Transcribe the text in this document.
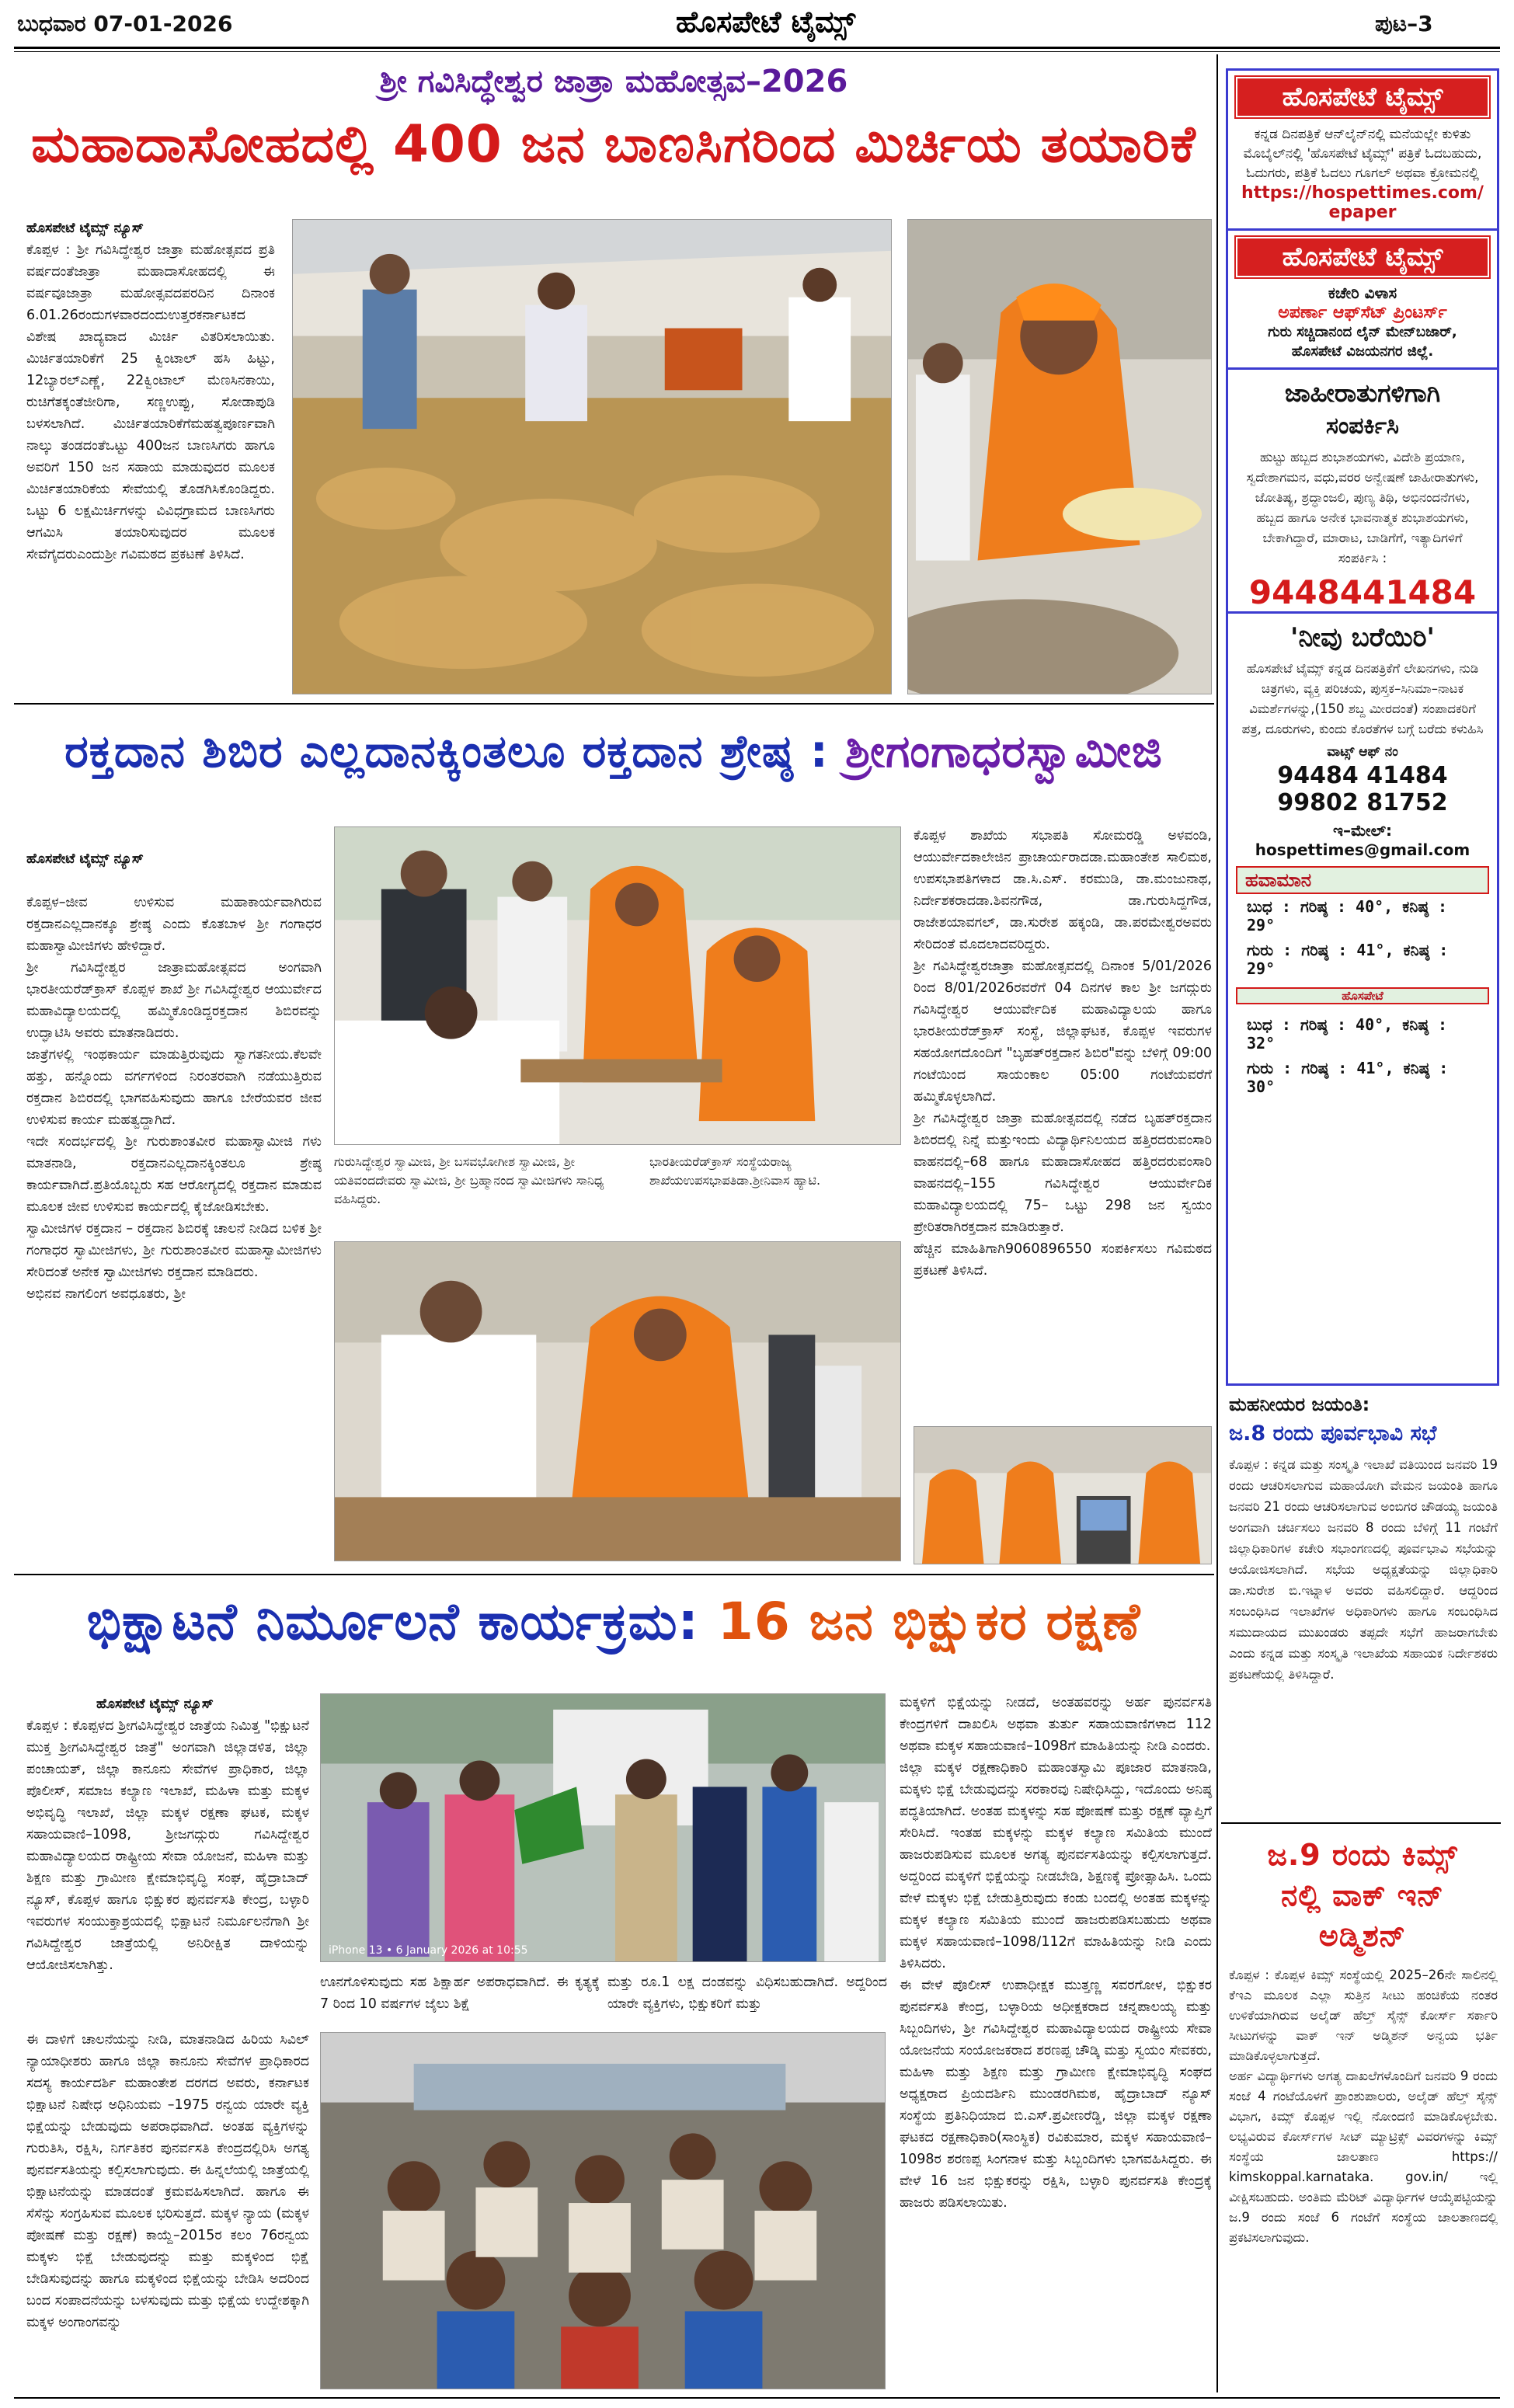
ಬುಧವಾರ 07-01-2026	ಹೊಸಪೇಟೆ ಟೈಮ್ಸ್	ಪುಟ–3
ಶ್ರೀ ಗವಿಸಿದ್ಧೇಶ್ವರ ಜಾತ್ರಾ ಮಹೋತ್ಸವ–2026
ಮಹಾದಾಸೋಹದಲ್ಲಿ 400 ಜನ ಬಾಣಸಿಗರಿಂದ ಮಿರ್ಚಿಯ ತಯಾರಿಕೆ
ಹೊಸಪೇಟೆ ಟೈಮ್ಸ್ ನ್ಯೂಸ್
ಕೊಪ್ಪಳ : ಶ್ರೀ ಗವಿಸಿದ್ಧೇಶ್ವರ ಜಾತ್ರಾ ಮಹೋತ್ಸವದ ಪ್ರತಿ ವರ್ಷದಂತೆಜಾತ್ರಾ ಮಹಾದಾಸೋಹದಲ್ಲಿ ಈ ವರ್ಷವೂಜಾತ್ರಾ ಮಹೋತ್ಸವದಪರದಿನ ದಿನಾಂಕ 6.01.26ರಂದುಗಳವಾರದಂದುಉತ್ತರಕರ್ನಾಟಕದ ವಿಶೇಷ ಖಾದ್ಯವಾದ ಮಿರ್ಚಿ ವಿತರಿಸಲಾಯಿತು. ಮಿರ್ಚಿತಯಾರಿಕೆಗೆ 25 ಕ್ವಿಂಟಾಲ್ ಹಸಿ ಹಿಟ್ಟು, 12ಬ್ಯಾರಲ್ಎಣ್ಣೆ, 22ಕ್ವಿಂಟಾಲ್ ಮೆಣಸಿನಕಾಯಿ, ರುಚಿಗೆತಕ್ಕಂತೆಜೀರಿಗಾ, ಸಣ್ಣಉಪ್ಪು, ಸೋಡಾಪುಡಿ ಬಳಸಲಾಗಿದೆ. ಮಿರ್ಚಿತಯಾರಿಕೆಗೆಮಹತ್ವಪೂರ್ಣವಾಗಿ ನಾಲ್ಕು ತಂಡದಂತೆಒಟ್ಟು 400ಜನ ಬಾಣಸಿಗರು ಹಾಗೂ ಅವರಿಗೆ 150 ಜನ ಸಹಾಯ ಮಾಡುವುದರ ಮೂಲಕ ಮಿರ್ಚಿತಯಾರಿಕೆಯ ಸೇವೆಯಲ್ಲಿ ತೊಡಗಿಸಿಕೊಂಡಿದ್ದರು. ಒಟ್ಟು 6 ಲಕ್ಷಮಿರ್ಚಿಗಳನ್ನು ವಿವಿಧಗ್ರಾಮದ ಬಾಣಸಿಗರು ಆಗಮಿಸಿ ತಯಾರಿಸುವುದರ ಮೂಲಕ ಸೇವೆಗೈದರುಎಂದುಶ್ರೀ ಗವಿಮಠದ ಪ್ರಕಟಣೆ ತಿಳಿಸಿದೆ.
ರಕ್ತದಾನ ಶಿಬಿರ ಎಲ್ಲದಾನಕ್ಕಿಂತಲೂ ರಕ್ತದಾನ ಶ್ರೇಷ್ಠ : ಶ್ರೀಗಂಗಾಧರಸ್ವಾಮೀಜಿ

ಹೊಸಪೇಟೆ ಟೈಮ್ಸ್ ನ್ಯೂಸ್

ಕೊಪ್ಪಳ–ಜೀವ ಉಳಿಸುವ ಮಹಾಕಾರ್ಯವಾಗಿರುವ ರಕ್ತದಾನಎಲ್ಲದಾನಕ್ಕೂ ಶ್ರೇಷ್ಠ ಎಂದು ಕೊತಬಾಳ ಶ್ರೀ ಗಂಗಾಧರ ಮಹಾಸ್ವಾಮೀಜಿಗಳು ಹೇಳಿದ್ದಾರೆ.
ಶ್ರೀ ಗವಿಸಿದ್ಧೇಶ್ವರ ಜಾತ್ರಾಮಹೋತ್ಸವದ ಅಂಗವಾಗಿ ಭಾರತೀಯರೆಡ್‌ಕ್ರಾಸ್ ಕೊಪ್ಪಳ ಶಾಖೆ ಶ್ರೀ ಗವಿಸಿದ್ಧೇಶ್ವರ ಆಯುರ್ವೇದ ಮಹಾವಿದ್ಯಾಲಯದಲ್ಲಿ ಹಮ್ಮಿಕೊಂಡಿದ್ದರಕ್ತದಾನ ಶಿಬಿರವನ್ನು ಉದ್ಘಾಟಿಸಿ ಅವರು ಮಾತನಾಡಿದರು.
ಜಾತ್ರೆಗಳಲ್ಲಿ ಇಂಥಕಾರ್ಯ ಮಾಡುತ್ತಿರುವುದು ಸ್ವಾಗತನೀಯ.ಕೆಲವೇ ಹತ್ತು, ಹನ್ನೊಂದು ವರ್ಗಗಳಿಂದ ನಿರಂತರವಾಗಿ ನಡೆಯುತ್ತಿರುವ ರಕ್ತದಾನ ಶಿಬಿರದಲ್ಲಿ ಭಾಗವಹಿಸುವುದು ಹಾಗೂ ಬೇರೆಯವರ ಜೀವ ಉಳಿಸುವ ಕಾರ್ಯ ಮಹತ್ವದ್ದಾಗಿದೆ.
ಇದೇ ಸಂದರ್ಭದಲ್ಲಿ ಶ್ರೀ ಗುರುಶಾಂತವೀರ ಮಹಾಸ್ವಾಮೀಜಿ ಗಳು ಮಾತನಾಡಿ, ರಕ್ತದಾನಎಲ್ಲದಾನಕ್ಕಿಂತಲೂ ಶ್ರೇಷ್ಠ ಕಾರ್ಯವಾಗಿದೆ.ಪ್ರತಿಯೊಬ್ಬರು ಸಹ ಆರೋಗ್ಯದಲ್ಲಿ ರಕ್ತದಾನ ಮಾಡುವ ಮೂಲಕ ಜೀವ ಉಳಿಸುವ ಕಾರ್ಯದಲ್ಲಿ ಕೈಜೋಡಿಸಬೇಕು.
ಸ್ವಾಮೀಜಿಗಳ ರಕ್ತದಾನ – ರಕ್ತದಾನ ಶಿಬಿರಕ್ಕೆ ಚಾಲನೆ ನೀಡಿದ ಬಳಿಕ ಶ್ರೀ ಗಂಗಾಧರ ಸ್ವಾಮೀಜಿಗಳು, ಶ್ರೀ ಗುರುಶಾಂತವೀರ ಮಹಾಸ್ವಾಮೀಜಿಗಳು ಸೇರಿದಂತೆ ಅನೇಕ ಸ್ವಾಮೀಜಿಗಳು ರಕ್ತದಾನ ಮಾಡಿದರು.
ಅಭಿನವ ನಾಗಲಿಂಗ ಅವಧೂತರು, ಶ್ರೀ

ಗುರುಸಿದ್ಧೇಶ್ವರ ಸ್ವಾಮೀಜಿ, ಶ್ರೀ ಬಸವಭೋಗೀಶ ಸ್ವಾಮೀಜಿ, ಶ್ರೀ ಯತಿವಂದದೇವರು ಸ್ವಾಮೀಜಿ, ಶ್ರೀ ಬ್ರಹ್ಮಾನಂದ ಸ್ವಾಮೀಜಿಗಳು ಸಾನಿಧ್ಯ ವಹಿಸಿದ್ದರು.
ಭಾರತೀಯರೆಡ್‌ಕ್ರಾಸ್ ಸಂಸ್ಥೆಯರಾಜ್ಯ ಶಾಖೆಯಉಪಸಭಾಪತಿಡಾ.ಶ್ರೀನಿವಾಸ ಹ್ಯಾಟಿ.
ಕೊಪ್ಪಳ ಶಾಖೆಯ ಸಭಾಪತಿ ಸೋಮರಡ್ಡಿ ಅಳವಂಡಿ, ಆಯುರ್ವೇದಕಾಲೇಜಿನ ಪ್ರಾಚಾರ್ಯರಾದಡಾ.ಮಹಾಂತೇಶ ಸಾಲಿಮಠ, ಉಪಸಭಾಪತಿಗಳಾದ ಡಾ.ಸಿ.ಎಸ್. ಕರಮುಡಿ, ಡಾ.ಮಂಜುನಾಥ, ನಿರ್ದೇಶಕರಾದಡಾ.ಶಿವನಗೌಡ, ಡಾ.ಗುರುಸಿದ್ದಗೌಡ, ರಾಜೇಶಯಾವಗಲ್, ಡಾ.ಸುರೇಶ ಹಕ್ಕಂಡಿ, ಡಾ.ಪರಮೇಶ್ವರಅವರು ಸೇರಿದಂತೆ ಮೊದಲಾದವರಿದ್ದರು.
ಶ್ರೀ ಗವಿಸಿದ್ಧೇಶ್ವರಜಾತ್ರಾ ಮಹೋತ್ಸವದಲ್ಲಿ ದಿನಾಂಕ 5/01/2026 ರಿಂದ 8/01/2026ರವರೆಗೆ 04 ದಿನಗಳ ಕಾಲ ಶ್ರೀ ಜಗದ್ಗುರು ಗವಿಸಿದ್ಧೇಶ್ವರ ಆಯುರ್ವೇದಿಕ ಮಹಾವಿದ್ಯಾಲಯ ಹಾಗೂ ಭಾರತೀಯರೆಡ್‌ಕ್ರಾಸ್ ಸಂಸ್ಥೆ, ಜಿಲ್ಲಾಘಟಕ, ಕೊಪ್ಪಳ ಇವರುಗಳ ಸಹಯೋಗದೊಂದಿಗೆ "ಬೃಹತ್‌ರಕ್ತದಾನ ಶಿಬಿರ"ವನ್ನು ಬೆಳಿಗ್ಗೆ 09:00 ಗಂಟೆಯಿಂದ ಸಾಯಂಕಾಲ 05:00 ಗಂಟೆಯವರೆಗೆ ಹಮ್ಮಿಕೊಳ್ಳಲಾಗಿದೆ.
ಶ್ರೀ ಗವಿಸಿದ್ಧೇಶ್ವರ ಜಾತ್ರಾ ಮಹೋತ್ಸವದಲ್ಲಿ ನಡೆದ ಬೃಹತ್‌ರಕ್ತದಾನ ಶಿಬಿರದಲ್ಲಿ ನಿನ್ನೆ ಮತ್ತುಇಂದು ವಿದ್ಯಾರ್ಥಿನಿಲಯದ ಹತ್ತಿರದರುವಂಸಾರಿ ವಾಹನದಲ್ಲಿ–68 ಹಾಗೂ ಮಹಾದಾಸೋಹದ ಹತ್ತಿರದರುವಂಸಾರಿ ವಾಹನದಲ್ಲಿ–155 ಗವಿಸಿದ್ಧೇಶ್ವರ ಆಯುರ್ವೇದಿಕ ಮಹಾವಿದ್ಯಾಲಯದಲ್ಲಿ 75– ಒಟ್ಟು 298 ಜನ ಸ್ವಯಂ ಪ್ರೇರಿತರಾಗಿರಕ್ತದಾನ ಮಾಡಿರುತ್ತಾರೆ.
ಹೆಚ್ಚಿನ ಮಾಹಿತಿಗಾಗಿ9060896550 ಸಂಪರ್ಕಿಸಲು ಗವಿಮಠದ ಪ್ರಕಟಣೆ ತಿಳಿಸಿದೆ.
ಭಿಕ್ಷಾಟನೆ ನಿರ್ಮೂಲನೆ ಕಾರ್ಯಕ್ರಮ: 16 ಜನ ಭಿಕ್ಷುಕರ ರಕ್ಷಣೆ
ಹೊಸಪೇಟೆ ಟೈಮ್ಸ್ ನ್ಯೂಸ್
ಕೊಪ್ಪಳ : ಕೊಪ್ಪಳದ ಶ್ರೀಗವಿಸಿದ್ಧೇಶ್ವರ ಜಾತ್ರೆಯ ನಿಮಿತ್ತ "ಭಿಕ್ಷುಟನೆ ಮುಕ್ತ ಶ್ರೀಗವಿಸಿದ್ಧೇಶ್ವರ ಜಾತ್ರೆ" ಅಂಗವಾಗಿ ಜಿಲ್ಲಾಡಳಿತ, ಜಿಲ್ಲಾ ಪಂಚಾಯತ್, ಜಿಲ್ಲಾ ಕಾನೂನು ಸೇವೆಗಳ ಪ್ರಾಧಿಕಾರ, ಜಿಲ್ಲಾ ಪೊಲೀಸ್, ಸಮಾಜ ಕಲ್ಯಾಣ ಇಲಾಖೆ, ಮಹಿಳಾ ಮತ್ತು ಮಕ್ಕಳ ಅಭಿವೃದ್ಧಿ ಇಲಾಖೆ, ಜಿಲ್ಲಾ ಮಕ್ಕಳ ರಕ್ಷಣಾ ಘಟಕ, ಮಕ್ಕಳ ಸಹಾಯವಾಣಿ–1098, ಶ್ರೀಜಗದ್ಗುರು ಗವಿಸಿದ್ದೇಶ್ವರ ಮಹಾವಿದ್ಯಾಲಯದ ರಾಷ್ಟ್ರೀಯ ಸೇವಾ ಯೋಜನೆ, ಮಹಿಳಾ ಮತ್ತು ಶಿಕ್ಷಣ ಮತ್ತು ಗ್ರಾಮೀಣ ಕ್ಷೇಮಾಭಿವೃದ್ಧಿ ಸಂಘ, ಹೈದ್ರಾಬಾದ್ ನ್ಯೂಸ್, ಕೊಪ್ಪಳ ಹಾಗೂ ಭಿಕ್ಷುಕರ ಪುನರ್ವಸತಿ ಕೇಂದ್ರ, ಬಳ್ಳಾರಿ ಇವರುಗಳ ಸಂಯುಕ್ತಾಶ್ರಯದಲ್ಲಿ ಭಿಕ್ಷಾಟನೆ ನಿರ್ಮೂಲನೆಗಾಗಿ ಶ್ರೀ ಗವಿಸಿದ್ದೇಶ್ವರ ಜಾತ್ರೆಯಲ್ಲಿ ಅನಿರೀಕ್ಷಿತ ದಾಳಿಯನ್ನು ಆಯೋಜಿಸಲಾಗಿತ್ತು.
iPhone 13 • 6 January 2026 at 10:55
ಊನಗೊಳಿಸುವುದು ಸಹ ಶಿಕ್ಷಾರ್ಹ ಅಪರಾಧವಾಗಿದೆ. ಈ ಕೃತ್ಯಕ್ಕೆ 7 ರಿಂದ 10 ವರ್ಷಗಳ ಜೈಲು ಶಿಕ್ಷೆ
ಮತ್ತು ರೂ.1 ಲಕ್ಷ ದಂಡವನ್ನು ವಿಧಿಸಬಹುದಾಗಿದೆ. ಅದ್ದರಿಂದ ಯಾರೇ ವ್ಯಕ್ತಿಗಳು, ಭಿಕ್ಷುಕರಿಗೆ ಮತ್ತು
ಈ ದಾಳಿಗೆ ಚಾಲನೆಯನ್ನು ನೀಡಿ, ಮಾತನಾಡಿದ ಹಿರಿಯ ಸಿವಿಲ್ ನ್ಯಾಯಾಧೀಶರು ಹಾಗೂ ಜಿಲ್ಲಾ ಕಾನೂನು ಸೇವೆಗಳ ಪ್ರಾಧಿಕಾರದ ಸದಸ್ಯ ಕಾರ್ಯದರ್ಶಿ ಮಹಾಂತೇಶ ದರಗದ ಅವರು, ಕರ್ನಾಟಕ ಭಿಕ್ಷಾಟನೆ ನಿಷೇಧ ಅಧಿನಿಯಮ –1975 ರನ್ವಯ ಯಾರೇ ವ್ಯಕ್ತಿ ಭಿಕ್ಷೆಯನ್ನು ಬೇಡುವುದು ಅಪರಾಧವಾಗಿದೆ. ಅಂತಹ ವ್ಯಕ್ತಿಗಳನ್ನು ಗುರುತಿಸಿ, ರಕ್ಷಿಸಿ, ನಿರ್ಗತಿಕರ ಪುನರ್ವಸತಿ ಕೇಂದ್ರದಲ್ಲಿರಿಸಿ ಅಗತ್ಯ ಪುನರ್ವಸತಿಯನ್ನು ಕಲ್ಪಿಸಲಾಗುವುದು. ಈ ಹಿನ್ನಲೆಯಲ್ಲಿ ಜಾತ್ರೆಯಲ್ಲಿ ಭಿಕ್ಷಾಟನೆಯನ್ನು ಮಾಡದಂತೆ ಕ್ರಮವಹಿಸಲಾಗಿದೆ. ಹಾಗೂ ಈ ಸೆಸೆನ್ನು ಸಂಗ್ರಹಿಸುವ ಮೂಲಕ ಭರಿಸುತ್ತದೆ. ಮಕ್ಕಳ ನ್ಯಾಯ (ಮಕ್ಕಳ ಪೋಷಣೆ ಮತ್ತು ರಕ್ಷಣೆ) ಕಾಯ್ದೆ–2015ರ ಕಲಂ 76ರನ್ವಯ ಮಕ್ಕಳು ಭಿಕ್ಷೆ ಬೇಡುವುದನ್ನು ಮತ್ತು ಮಕ್ಕಳಿಂದ ಭಿಕ್ಷೆ ಬೇಡಿಸುವುದನ್ನು ಹಾಗೂ ಮಕ್ಕಳಿಂದ ಭಿಕ್ಷೆಯನ್ನು ಬೇಡಿಸಿ ಅದರಿಂದ ಬಂದ ಸಂಪಾದನೆಯನ್ನು ಬಳಸುವುದು ಮತ್ತು ಭಿಕ್ಷೆಯ ಉದ್ದೇಶಕ್ಕಾಗಿ ಮಕ್ಕಳ ಅಂಗಾಂಗವನ್ನು
ಮಕ್ಕಳಿಗೆ ಭಿಕ್ಷೆಯನ್ನು ನೀಡದೆ, ಅಂತಹವರನ್ನು ಅರ್ಹ ಪುನರ್ವಸತಿ ಕೇಂದ್ರಗಳಿಗೆ ದಾಖಲಿಸಿ ಅಥವಾ ತುರ್ತು ಸಹಾಯವಾಣಿಗಳಾದ 112 ಅಥವಾ ಮಕ್ಕಳ ಸಹಾಯವಾಣಿ–1098ಗೆ ಮಾಹಿತಿಯನ್ನು ನೀಡಿ ಎಂದರು.
ಜಿಲ್ಲಾ ಮಕ್ಕಳ ರಕ್ಷಣಾಧಿಕಾರಿ ಮಹಾಂತಸ್ವಾಮಿ ಪೂಜಾರ ಮಾತನಾಡಿ, ಮಕ್ಕಳು ಭಿಕ್ಷೆ ಬೇಡುವುದನ್ನು ಸರಕಾರವು ನಿಷೇಧಿಸಿದ್ದು, ಇದೊಂದು ಅನಿಷ್ಠ ಪದ್ಧತಿಯಾಗಿದೆ. ಅಂತಹ ಮಕ್ಕಳನ್ನು ಸಹ ಪೋಷಣೆ ಮತ್ತು ರಕ್ಷಣೆ ವ್ಯಾಪ್ತಿಗೆ ಸೇರಿಸಿದೆ. ಇಂತಹ ಮಕ್ಕಳನ್ನು ಮಕ್ಕಳ ಕಲ್ಯಾಣ ಸಮಿತಿಯ ಮುಂದೆ ಹಾಜರುಪಡಿಸುವ ಮೂಲಕ ಅಗತ್ಯ ಪುನರ್ವಸತಿಯನ್ನು ಕಲ್ಪಿಸಲಾಗುತ್ತದೆ. ಅದ್ದರಿಂದ ಮಕ್ಕಳಿಗೆ ಭಿಕ್ಷೆಯನ್ನು ನೀಡಬೇಡಿ, ಶಿಕ್ಷಣಕ್ಕೆ ಪ್ರೋತ್ಸಾಹಿಸಿ. ಒಂದು ವೇಳೆ ಮಕ್ಕಳು ಭಿಕ್ಷೆ ಬೇಡುತ್ತಿರುವುದು ಕಂಡು ಬಂದಲ್ಲಿ ಅಂತಹ ಮಕ್ಕಳನ್ನು ಮಕ್ಕಳ ಕಲ್ಯಾಣ ಸಮಿತಿಯ ಮುಂದೆ ಹಾಜರುಪಡಿಸಬಹುದು ಅಥವಾ ಮಕ್ಕಳ ಸಹಾಯವಾಣಿ–1098/112ಗೆ ಮಾಹಿತಿಯನ್ನು ನೀಡಿ ಎಂದು ತಿಳಿಸಿದರು.
ಈ ವೇಳೆ ಪೊಲೀಸ್ ಉಪಾಧೀಕ್ಷಕ ಮುತ್ತಣ್ಣ ಸವರಗೋಳ, ಭಿಕ್ಷುಕರ ಪುನರ್ವಸತಿ ಕೇಂದ್ರ, ಬಳ್ಳಾರಿಯ ಅಧೀಕ್ಷಕರಾದ ಚನ್ನಪಾಲಯ್ಯ ಮತ್ತು ಸಿಬ್ಬಂದಿಗಳು, ಶ್ರೀ ಗವಿಸಿದ್ದೇಶ್ವರ ಮಹಾವಿದ್ಯಾಲಯದ ರಾಷ್ಟ್ರೀಯ ಸೇವಾ ಯೋಜನೆಯ ಸಂಯೋಜಕರಾದ ಶರಣಪ್ಪ ಚೌಡ್ಕಿ ಮತ್ತು ಸ್ವಯಂ ಸೇವಕರು, ಮಹಿಳಾ ಮತ್ತು ಶಿಕ್ಷಣ ಮತ್ತು ಗ್ರಾಮೀಣ ಕ್ಷೇಮಾಭಿವೃದ್ಧಿ ಸಂಘದ ಅಧ್ಯಕ್ಷರಾದ ಪ್ರಿಯದರ್ಶಿನಿ ಮುಂಡರಗಿಮಠ, ಹೈದ್ರಾಬಾದ್ ನ್ಯೂಸ್ ಸಂಸ್ಥೆಯ ಪ್ರತಿನಿಧಿಯಾದ ಬಿ.ಎಸ್.ಪ್ರವೀಣರೆಡ್ಡಿ, ಜಿಲ್ಲಾ ಮಕ್ಕಳ ರಕ್ಷಣಾ ಘಟಕದ ರಕ್ಷಣಾಧಿಕಾರಿ(ಸಾಂಸ್ಥಿಕ) ರವಿಕುಮಾರ, ಮಕ್ಕಳ ಸಹಾಯವಾಣಿ–1098ರ ಶರಣಪ್ಪ ಸಿಂಗನಾಳ ಮತ್ತು ಸಿಬ್ಬಂದಿಗಳು ಭಾಗವಹಿಸಿದ್ದರು. ಈ ವೇಳೆ 16 ಜನ ಭಿಕ್ಷುಕರನ್ನು ರಕ್ಷಿಸಿ, ಬಳ್ಳಾರಿ ಪುನರ್ವಸತಿ ಕೇಂದ್ರಕ್ಕೆ ಹಾಜರು ಪಡಿಸಲಾಯಿತು.
ಹೊಸಪೇಟೆ ಟೈಮ್ಸ್
ಕನ್ನಡ ದಿನಪತ್ರಿಕೆ ಆನ್‌ಲೈನ್‌ನಲ್ಲಿ ಮನೆಯಲ್ಲೇ ಕುಳಿತು ಮೊಬೈಲ್‌ನಲ್ಲಿ 'ಹೊಸಪೇಟೆ ಟೈಮ್ಸ್' ಪತ್ರಿಕೆ ಓದಬಹುದು, ಓದುಗರು, ಪತ್ರಿಕೆ ಓದಲು ಗೂಗಲ್ ಅಥವಾ ಕ್ರೋಮನಲ್ಲಿ
https://hospettimes.com/
epaper
ಹೊಸಪೇಟೆ ಟೈಮ್ಸ್
ಕಚೇರಿ ವಿಳಾಸ
ಅಪರ್ಣಾ ಆಫ್‌ಸೆಟ್ ಪ್ರಿಂಟರ್ಸ್
ಗುರು ಸಚ್ಚಿದಾನಂದ ಲೈನ್ ಮೇನ್‌ಬಜಾರ್, ಹೊಸಪೇಟೆ ವಿಜಯನಗರ ಜಿಲ್ಲೆ.
ಜಾಹೀರಾತುಗಳಿಗಾಗಿ
ಸಂಪರ್ಕಿಸಿ
ಹುಟ್ಟು ಹಬ್ಬದ ಶುಭಾಶಯಗಳು, ವಿದೇಶಿ ಪ್ರಯಾಣ, ಸ್ವದೇಶಾಗಮನ, ವಧು,ವರರ ಅನ್ವೇಷಣೆ ಜಾಹೀರಾತುಗಳು, ಜೋತಿಷ್ಯ, ಶ್ರದ್ಧಾಂಜಲಿ, ಪುಣ್ಯ ತಿಥಿ, ಅಭಿನಂದನೆಗಳು, ಹಬ್ಬದ ಹಾಗೂ ಅನೇಕ ಭಾವನಾತ್ಮಕ ಶುಭಾಶಯಗಳು, ಬೇಕಾಗಿದ್ದಾರೆ, ಮಾರಾಟ, ಬಾಡಿಗೆಗೆ, ಇತ್ಯಾದಿಗಳಿಗೆ ಸಂಪರ್ಕಿಸಿ :
9448441484
'ನೀವು ಬರೆಯಿರಿ'
ಹೊಸಪೇಟೆ ಟೈಮ್ಸ್ ಕನ್ನಡ ದಿನಪತ್ರಿಕೆಗೆ ಲೇಖನಗಳು, ನುಡಿ ಚಿತ್ರಗಳು, ವ್ಯಕ್ತಿ ಪರಿಚಯ, ಪುಸ್ತಕ–ಸಿನಿಮಾ–ನಾಟಕ ವಿಮರ್ಶೆಗಳನ್ನು,(150 ಶಬ್ದ ಮೀರದಂತೆ) ಸಂಪಾದಕರಿಗೆ ಪತ್ರ, ದೂರುಗಳು, ಕುಂದು ಕೊರತೆಗಳ ಬಗ್ಗೆ ಬರೆದು ಕಳುಹಿಸಿ
ವಾಟ್ಸ್ ಆಫ್ ನಂ
94484 41484
99802 81752
ಇ–ಮೇಲ್: hospettimes@gmail.com
ಹವಾಮಾನ
ಬುಧ : ಗರಿಷ್ಠ : 40°, ಕನಿಷ್ಠ : 29°
ಗುರು : ಗರಿಷ್ಠ : 41°, ಕನಿಷ್ಠ : 29°
ಹೊಸಪೇಟೆ
ಬುಧ : ಗರಿಷ್ಠ : 40°, ಕನಿಷ್ಠ : 32°
ಗುರು : ಗರಿಷ್ಠ : 41°, ಕನಿಷ್ಠ : 30°
ಮಹನೀಯರ ಜಯಂತಿ:
ಜ.8 ರಂದು ಪೂರ್ವಭಾವಿ ಸಭೆ
ಕೊಪ್ಪಳ : ಕನ್ನಡ ಮತ್ತು ಸಂಸ್ಕೃತಿ ಇಲಾಖೆ ವತಿಯಿಂದ ಜನವರಿ 19 ರಂದು ಆಚರಿಸಲಾಗುವ ಮಹಾಯೋಗಿ ವೇಮನ ಜಯಂತಿ ಹಾಗೂ ಜನವರಿ 21 ರಂದು ಆಚರಿಸಲಾಗುವ ಅಂಬಿಗರ ಚೌಡಯ್ಯ ಜಯಂತಿ ಅಂಗವಾಗಿ ಚರ್ಚಿಸಲು ಜನವರಿ 8 ರಂದು ಬೆಳಿಗ್ಗೆ 11 ಗಂಟೆಗೆ ಜಿಲ್ಲಾಧಿಕಾರಿಗಳ ಕಚೇರಿ ಸಭಾಂಗಣದಲ್ಲಿ ಪೂರ್ವಭಾವಿ ಸಭೆಯನ್ನು ಆಯೋಜಿಸಲಾಗಿದೆ. ಸಭೆಯ ಅಧ್ಯಕ್ಷತೆಯನ್ನು ಜಿಲ್ಲಾಧಿಕಾರಿ ಡಾ.ಸುರೇಶ ಬಿ.ಇಟ್ನಾಳ ಅವರು ವಹಿಸಲಿದ್ದಾರೆ. ಆದ್ದರಿಂದ ಸಂಬಂಧಿಸಿದ ಇಲಾಖೆಗಳ ಅಧಿಕಾರಿಗಳು ಹಾಗೂ ಸಂಬಂಧಿಸಿದ ಸಮುದಾಯದ ಮುಖಂಡರು ತಪ್ಪದೇ ಸಭೆಗೆ ಹಾಜರಾಗಬೇಕು ಎಂದು ಕನ್ನಡ ಮತ್ತು ಸಂಸ್ಕೃತಿ ಇಲಾಖೆಯ ಸಹಾಯಕ ನಿರ್ದೇಶಕರು ಪ್ರಕಟಣೆಯಲ್ಲಿ ತಿಳಿಸಿದ್ದಾರೆ.
ಜ.9 ರಂದು ಕಿಮ್ಸ್
ನಲ್ಲಿ ವಾಕ್ ಇನ್
ಅಡ್ಮಿಶನ್
ಕೊಪ್ಪಳ : ಕೊಪ್ಪಳ ಕಿಮ್ಸ್ ಸಂಸ್ಥೆಯಲ್ಲಿ 2025–26ನೇ ಸಾಲಿನಲ್ಲಿ ಕೆಇಎ ಮೂಲಕ ಎಲ್ಲಾ ಸುತ್ತಿನ ಸೀಟು ಹಂಚಿಕೆಯ ನಂತರ ಉಳಿಕೆಯಾಗಿರುವ ಅಲೈಡ್ ಹೆಲ್ತ್ ಸೈನ್ಸ್ ಕೋರ್ಸ್ ಸರ್ಕಾರಿ ಸೀಟುಗಳನ್ನು ವಾಕ್ ಇನ್ ಅಡ್ಮಿಶನ್ ಅನ್ವಯ ಭರ್ತಿ ಮಾಡಿಕೊಳ್ಳಲಾಗುತ್ತದೆ.
ಅರ್ಹ ವಿದ್ಯಾರ್ಥಿಗಳು ಅಗತ್ಯ ದಾಖಲೆಗಳೊಂದಿಗೆ ಜನವರಿ 9 ರಂದು ಸಂಜೆ 4 ಗಂಟೆಯೊಳಗೆ ಪ್ರಾಂಶುಪಾಲರು, ಅಲೈಡ್ ಹೆಲ್ತ್ ಸೈನ್ಸ್ ವಿಭಾಗ, ಕಿಮ್ಸ್ ಕೊಪ್ಪಳ ಇಲ್ಲಿ ನೋಂದಣಿ ಮಾಡಿಕೊಳ್ಳಬೇಕು. ಲಭ್ಯವಿರುವ ಕೋರ್ಸ್‌ಗಳ ಸೀಟ್ ಮ್ಯಾಟ್ರಿಕ್ಸ್ ವಿವರಗಳನ್ನು ಕಿಮ್ಸ್ ಸಂಸ್ಥೆಯ ಜಾಲತಾಣ https:// kimskoppal.karnataka. gov.in/ ಇಲ್ಲಿ ವೀಕ್ಷಿಸಬಹುದು. ಅಂತಿಮ ಮೆರಿಟ್ ವಿದ್ಯಾರ್ಥಿಗಳ ಆಯ್ಕೆಪಟ್ಟಿಯನ್ನು ಜ.9 ರಂದು ಸಂಜೆ 6 ಗಂಟೆಗೆ ಸಂಸ್ಥೆಯ ಜಾಲತಾಣದಲ್ಲಿ ಪ್ರಕಟಿಸಲಾಗುವುದು.
